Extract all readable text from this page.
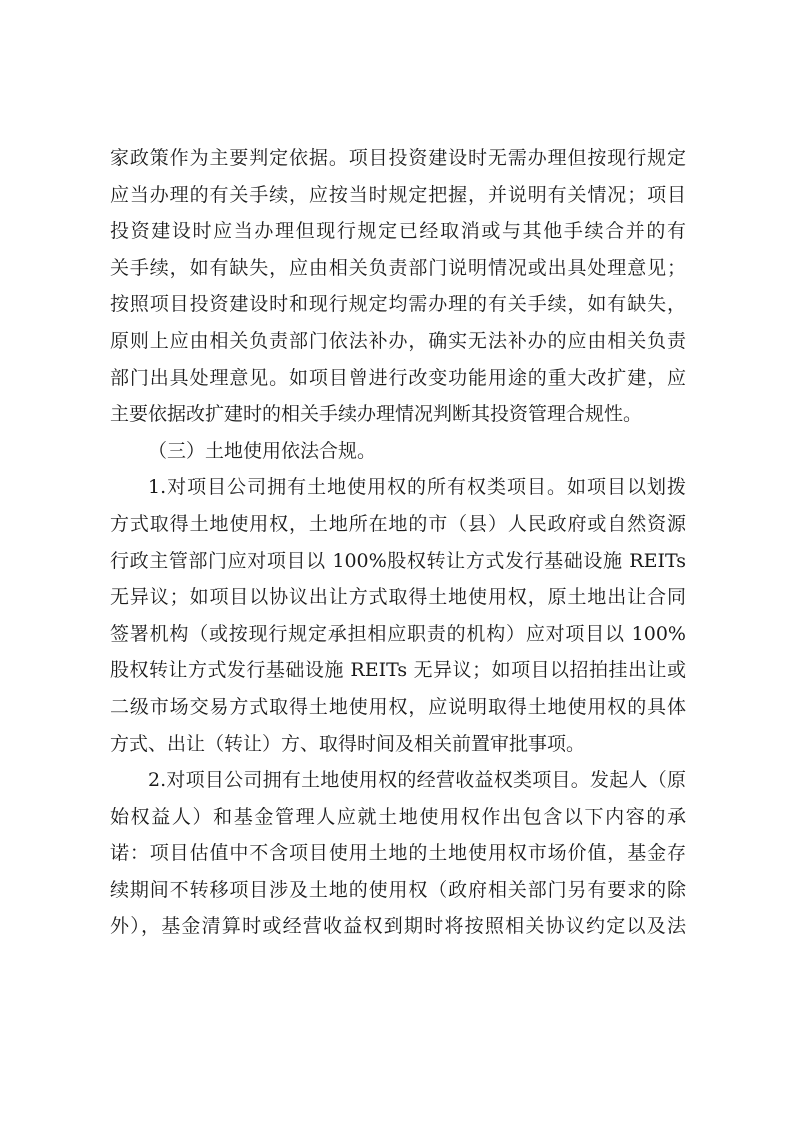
家政策作为主要判定依据。项目投资建设时无需办理但按现行规定
应当办理的有关手续，应按当时规定把握，并说明有关情况；项目
投资建设时应当办理但现行规定已经取消或与其他手续合并的有
关手续，如有缺失，应由相关负责部门说明情况或出具处理意见；
按照项目投资建设时和现行规定均需办理的有关手续，如有缺失，
原则上应由相关负责部门依法补办，确实无法补办的应由相关负责
部门出具处理意见。如项目曾进行改变功能用途的重大改扩建，应
主要依据改扩建时的相关手续办理情况判断其投资管理合规性。
（三）土地使用依法合规。
1.对项目公司拥有土地使用权的所有权类项目。如项目以划拨
方式取得土地使用权，土地所在地的市（县）人民政府或自然资源
行政主管部门应对项目以 100%股权转让方式发行基础设施 REITs
无异议；如项目以协议出让方式取得土地使用权，原土地出让合同
签署机构（或按现行规定承担相应职责的机构）应对项目以 100%
股权转让方式发行基础设施 REITs 无异议；如项目以招拍挂出让或
二级市场交易方式取得土地使用权，应说明取得土地使用权的具体
方式、出让（转让）方、取得时间及相关前置审批事项。
2.对项目公司拥有土地使用权的经营收益权类项目。发起人（原
始权益人）和基金管理人应就土地使用权作出包含以下内容的承
诺：项目估值中不含项目使用土地的土地使用权市场价值，基金存
续期间不转移项目涉及土地的使用权（政府相关部门另有要求的除
外），基金清算时或经营收益权到期时将按照相关协议约定以及法
